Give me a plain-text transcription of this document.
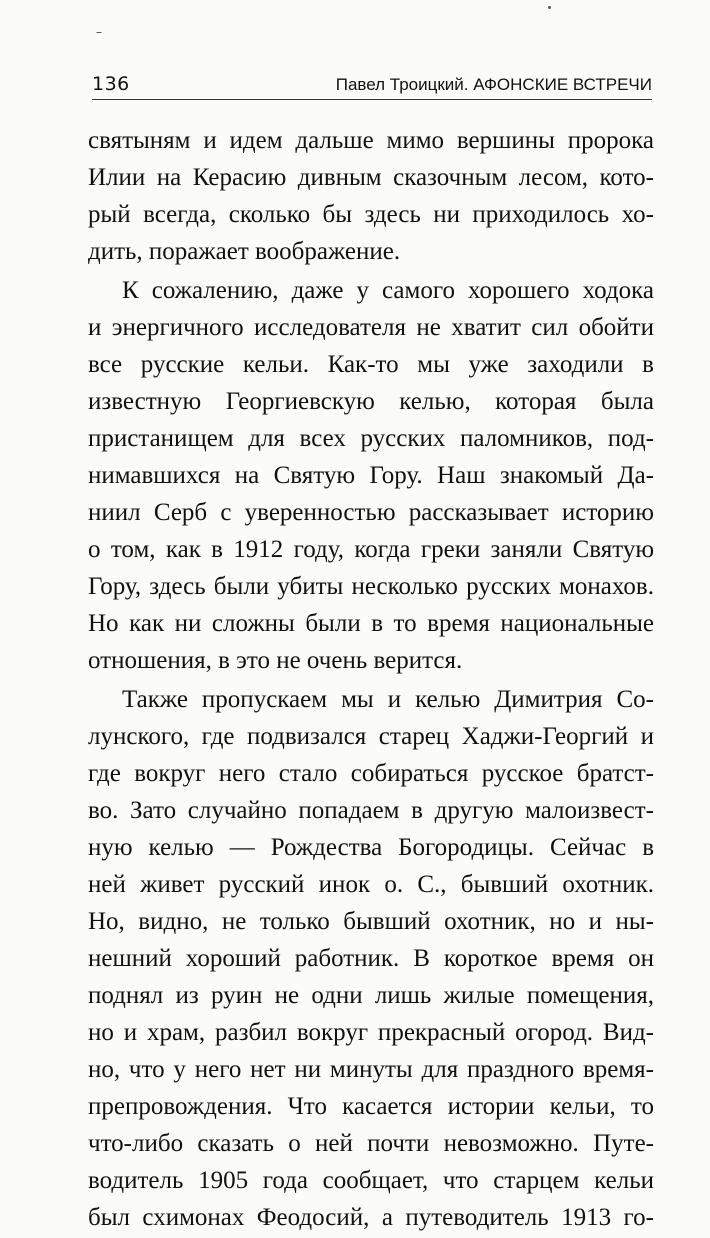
136	Павел Троицкий. АФОНСКИЕ ВСТРЕЧИ

святыням и идем дальше мимо вершины пророка
Илии на Керасию дивным сказочным лесом, кото-
рый всегда, сколько бы здесь ни приходилось хо-
дить, поражает воображение.

К сожалению, даже у самого хорошего ходока
и энергичного исследователя не хватит сил обойти
все русские кельи. Как-то мы уже заходили в
известную Георгиевскую келью, которая была
пристанищем для всех русских паломников, под-
нимавшихся на Святую Гору. Наш знакомый Да-
ниил Серб с уверенностью рассказывает историю
о том, как в 1912 году, когда греки заняли Святую
Гору, здесь были убиты несколько русских монахов.
Но как ни сложны были в то время национальные
отношения, в это не очень верится.

Также пропускаем мы и келью Димитрия Со-
лунского, где подвизался старец Хаджи-Георгий и
где вокруг него стало собираться русское братст-
во. Зато случайно попадаем в другую малоизвест-
ную келью — Рождества Богородицы. Сейчас в
ней живет русский инок о. С., бывший охотник.
Но, видно, не только бывший охотник, но и ны-
нешний хороший работник. В короткое время он
поднял из руин не одни лишь жилые помещения,
но и храм, разбил вокруг прекрасный огород. Вид-
но, что у него нет ни минуты для праздного время-
препровождения. Что касается истории кельи, то
что-либо сказать о ней почти невозможно. Путе-
водитель 1905 года сообщает, что старцем кельи
был схимонах Феодосий, а путеводитель 1913 го-
